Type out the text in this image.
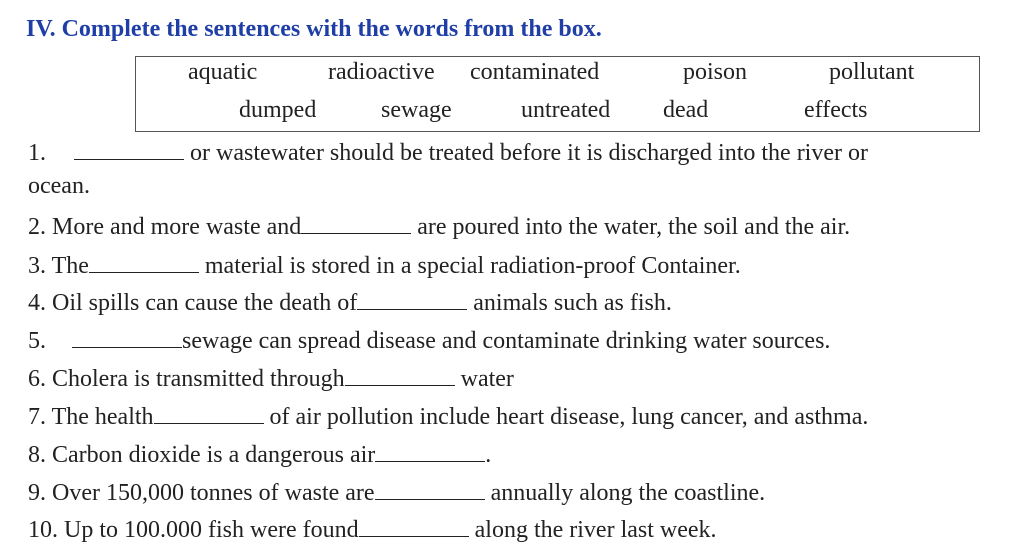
IV. Complete the sentences with the words from the box.
aquatic	radioactive contaminated	poison	pollutant
dumped	sewage	untreated dead	effects
1.	or wastewater should be treated before it is discharged into the river or
ocean.
2. More and more waste and	are poured into the water, the soil and the air.
3. The	material is stored in a special radiation-proof Container.
4. Oil spills can cause the death of	animals such as fish.
5.	sewage can spread disease and contaminate drinking water sources.
6. Cholera is transmitted through	water
7. The health	of air pollution include heart disease, lung cancer, and asthma.
8. Carbon dioxide is a dangerous air	.
9. Over 150,000 tonnes of waste are	annually along the coastline.
10. Up to 100.000 fish were found	along the river last week.
